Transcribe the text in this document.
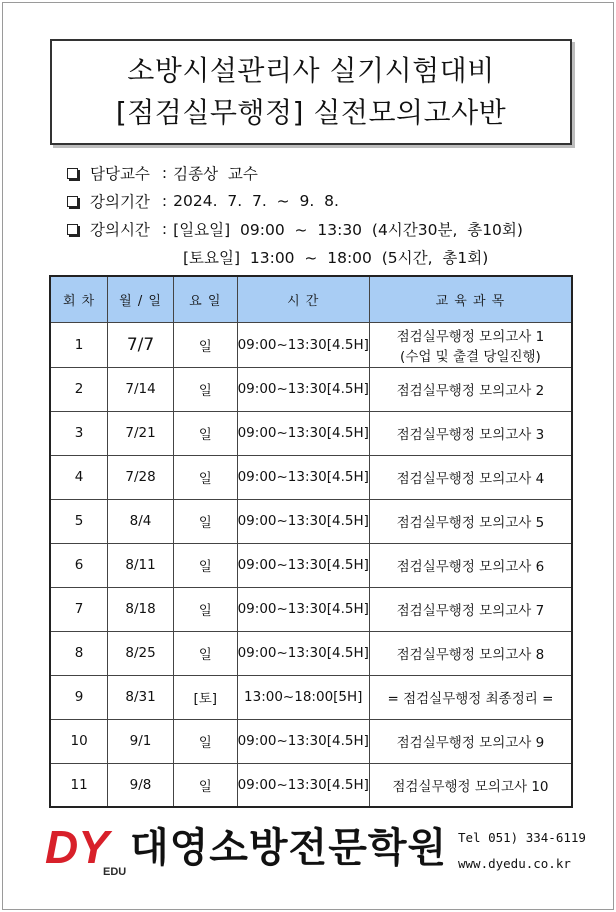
소방시설관리사 실기시험대비
[점검실무행정] 실전모의고사반
담당교수 : 김종상  교수
강의기간 : 2024.  7.  7.  ~  9.  8.
강의시간 : [일요일]  09:00  ~  13:30  (4시간30분,  총10회)
[토요일]  13:00  ~  18:00  (5시간,  총1회)
회 차	월 / 일	요 일	시 간	교 육 과 목
1	7/7	일	09:00~13:30[4.5H]	점검실무행정 모의고사 1
(수업 및 출결 당일진행)

2	7/14	일	09:00~13:30[4.5H]	점검실무행정 모의고사 2
3	7/21	일	09:00~13:30[4.5H]	점검실무행정 모의고사 3
4	7/28	일	09:00~13:30[4.5H]	점검실무행정 모의고사 4
5	8/4	일	09:00~13:30[4.5H]	점검실무행정 모의고사 5
6	8/11	일	09:00~13:30[4.5H]	점검실무행정 모의고사 6
7	8/18	일	09:00~13:30[4.5H]	점검실무행정 모의고사 7
8	8/25	일	09:00~13:30[4.5H]	점검실무행정 모의고사 8
9	8/31	[토]	13:00~18:00[5H]	= 점검실무행정 최종정리 =
10	9/1	일	09:00~13:30[4.5H]	점검실무행정 모의고사 9
11	9/8	일	09:00~13:30[4.5H]	점검실무행정 모의고사 10
DY
EDU
대영소방전문학원 Tel 051) 334-6119
www.dyedu.co.kr
